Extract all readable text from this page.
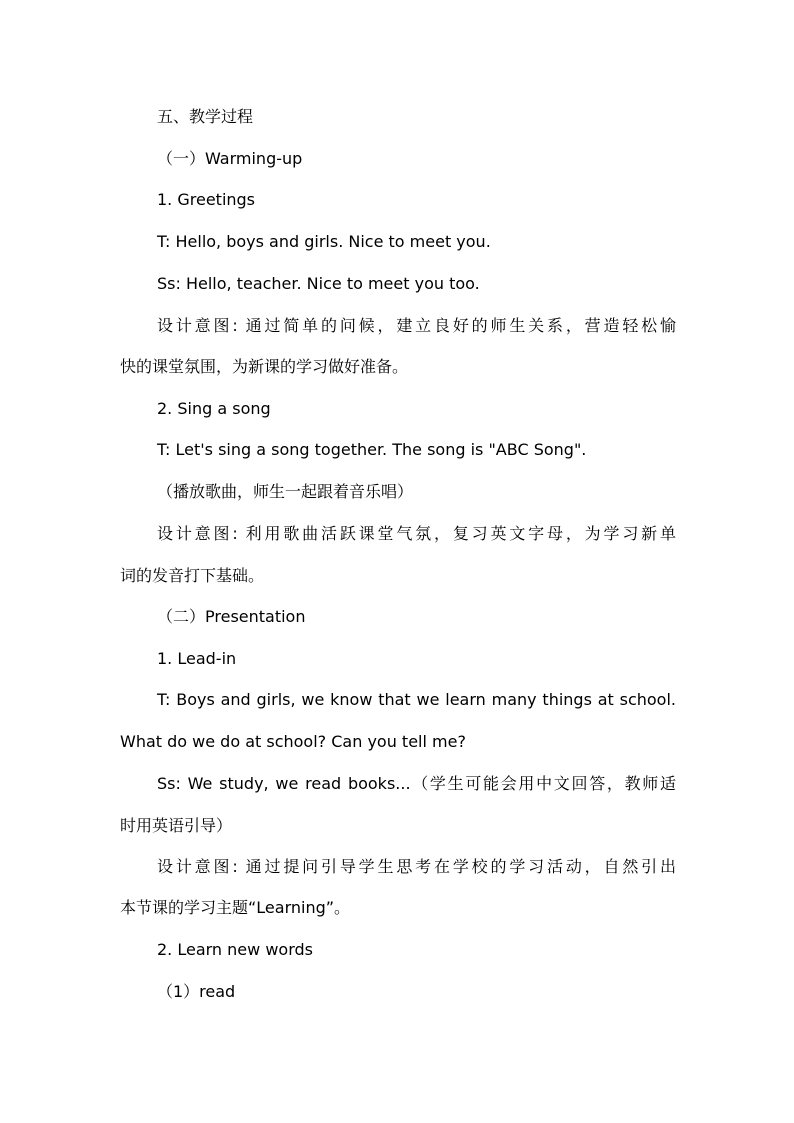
五、教学过程
（一）Warming-up
1. Greetings
T: Hello, boys and girls. Nice to meet you.
Ss: Hello, teacher. Nice to meet you too.
设计意图: 通过简单的问候，建立良好的师生关系，营造轻松愉
快的课堂氛围，为新课的学习做好准备。
2. Sing a song
T: Let's sing a song together. The song is "ABC Song".
（播放歌曲，师生一起跟着音乐唱）
设计意图: 利用歌曲活跃课堂气氛，复习英文字母，为学习新单
词的发音打下基础。
（二）Presentation
1. Lead-in
T: Boys and girls, we know that we learn many things at school.
What do we do at school? Can you tell me?
Ss: We study, we read books...（学生可能会用中文回答，教师适
时用英语引导）
设计意图: 通过提问引导学生思考在学校的学习活动，自然引出
本节课的学习主题“Learning”。
2. Learn new words
（1）read
